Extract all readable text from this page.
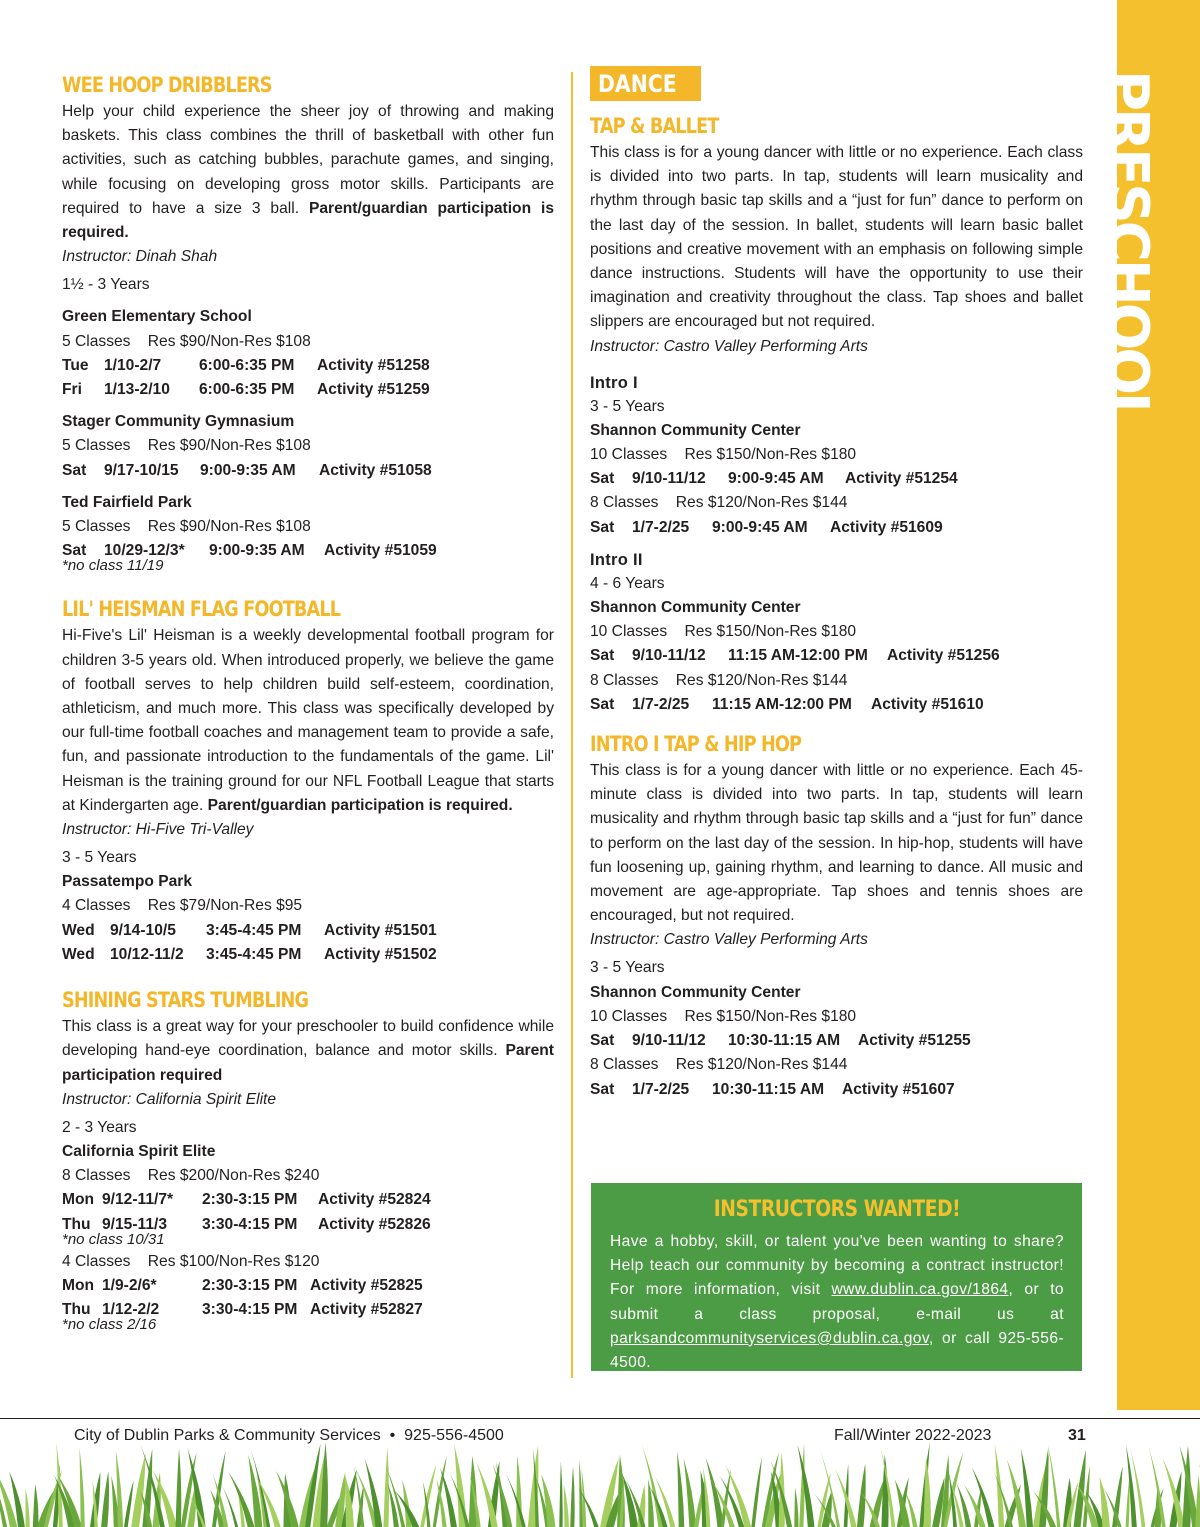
PRESCHOOL
WEE HOOP DRIBBLERS

Help your child experience the sheer joy of throwing and making baskets. This class combines the thrill of basketball with other fun activities, such as catching bubbles, parachute games, and singing, while focusing on developing gross motor skills. Participants are required to have a size 3 ball. Parent/guardian participation is required.

Instructor: Dinah Shah
1½ - 3 Years
Green Elementary School
5 Classes    Res $90/Non-Res $108
Tue 1/10-2/7 6:00-6:35 PM Activity #51258
Fri 1/13-2/10 6:00-6:35 PM Activity #51259
Stager Community Gymnasium
5 Classes    Res $90/Non-Res $108
Sat 9/17-10/15 9:00-9:35 AM Activity #51058
Ted Fairfield Park
5 Classes    Res $90/Non-Res $108
Sat 10/29-12/3* 9:00-9:35 AM Activity #51059
*no class 11/19
LIL' HEISMAN FLAG FOOTBALL

Hi-Five's Lil' Heisman is a weekly developmental football program for children 3-5 years old. When introduced properly, we believe the game of football serves to help children build self-esteem, coordination, athleticism, and much more. This class was specifically developed by our full-time football coaches and management team to provide a safe, fun, and passionate introduction to the fundamentals of the game. Lil' Heisman is the training ground for our NFL Football League that starts at Kindergarten age. Parent/guardian participation is required.

Instructor: Hi-Five Tri-Valley
3 - 5 Years
Passatempo Park
4 Classes    Res $79/Non-Res $95
Wed 9/14-10/5 3:45-4:45 PM Activity #51501
Wed 10/12-11/2 3:45-4:45 PM Activity #51502
SHINING STARS TUMBLING

This class is a great way for your preschooler to build confidence while developing hand-eye coordination, balance and motor skills. Parent participation required

Instructor: California Spirit Elite
2 - 3 Years
California Spirit Elite
8 Classes    Res $200/Non-Res $240
Mon 9/12-11/7* 2:30-3:15 PM Activity #52824
Thu 9/15-11/3 3:30-4:15 PM Activity #52826
*no class 10/31
4 Classes    Res $100/Non-Res $120
Mon 1/9-2/6*	2:30-3:15 PM Activity #52825
Thu 1/12-2/2	3:30-4:15 PM Activity #52827
*no class 2/16
DANCE
TAP & BALLET

This class is for a young dancer with little or no experience. Each class is divided into two parts. In tap, students will learn musicality and rhythm through basic tap skills and a “just for fun” dance to perform on the last day of the session. In ballet, students will learn basic ballet positions and creative movement with an emphasis on following simple dance instructions. Students will have the opportunity to use their imagination and creativity throughout the class. Tap shoes and ballet slippers are encouraged but not required.

Instructor: Castro Valley Performing Arts
Intro I
3 - 5 Years
Shannon Community Center
10 Classes    Res $150/Non-Res $180
Sat 9/10-11/12 9:00-9:45 AM Activity #51254
8 Classes    Res $120/Non-Res $144
Sat 1/7-2/25 9:00-9:45 AM Activity #51609
Intro II
4 - 6 Years
Shannon Community Center
10 Classes    Res $150/Non-Res $180
Sat 9/10-11/12 11:15 AM-12:00 PM Activity #51256
8 Classes    Res $120/Non-Res $144
Sat 1/7-2/25 11:15 AM-12:00 PM Activity #51610
INTRO I TAP & HIP HOP

This class is for a young dancer with little or no experience. Each 45-minute class is divided into two parts. In tap, students will learn musicality and rhythm through basic tap skills and a “just for fun” dance to perform on the last day of the session. In hip-hop, students will have fun loosening up, gaining rhythm, and learning to dance. All music and movement are age-appropriate. Tap shoes and tennis shoes are encouraged, but not required.

Instructor: Castro Valley Performing Arts
3 - 5 Years
Shannon Community Center
10 Classes    Res $150/Non-Res $180
Sat 9/10-11/12 10:30-11:15 AM Activity #51255
8 Classes    Res $120/Non-Res $144
Sat 1/7-2/25 10:30-11:15 AM Activity #51607
INSTRUCTORS WANTED!
Have a hobby, skill, or talent you've been wanting to share? Help teach our community by becoming a contract instructor! For more information, visit www.dublin.ca.gov/1864, or to submit a class proposal, e-mail us at parksandcommunityservices@dublin.ca.gov, or call 925-556-4500.
City of Dublin Parks & Community Services  •  925-556-4500	Fall/Winter 2022-2023	31
